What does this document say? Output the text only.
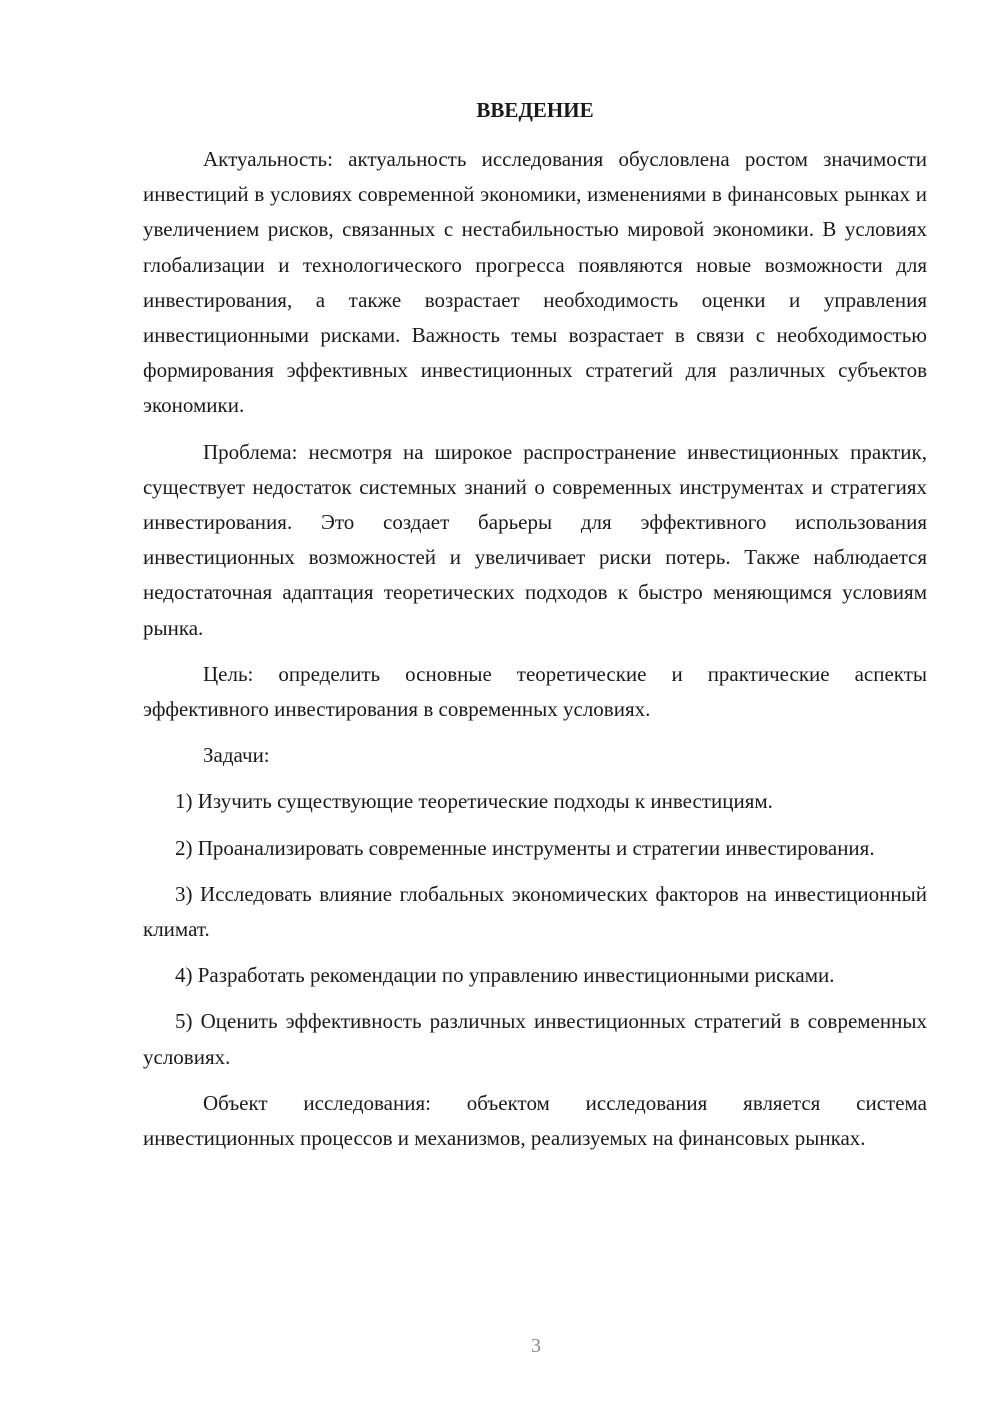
ВВЕДЕНИЕ

Актуальность: актуальность исследования обусловлена ростом значимости инвестиций в условиях современной экономики, изменениями в финансовых рынках и увеличением рисков, связанных с нестабильностью мировой экономики. В условиях глобализации и технологического прогресса появляются новые возможности для инвестирования, а также возрастает необходимость оценки и управления инвестиционными рисками. Важность темы возрастает в связи с необходимостью формирования эффективных инвестиционных стратегий для различных субъектов экономики.

Проблема: несмотря на широкое распространение инвестиционных практик, существует недостаток системных знаний о современных инструментах и стратегиях инвестирования. Это создает барьеры для эффективного использования инвестиционных возможностей и увеличивает риски потерь. Также наблюдается недостаточная адаптация теоретических подходов к быстро меняющимся условиям рынка.

Цель: определить основные теоретические и практические аспекты эффективного инвестирования в современных условиях.

Задачи:

1) Изучить существующие теоретические подходы к инвестициям.

2) Проанализировать современные инструменты и стратегии инвестирования.

3) Исследовать влияние глобальных экономических факторов на инвестиционный климат.

4) Разработать рекомендации по управлению инвестиционными рисками.

5) Оценить эффективность различных инвестиционных стратегий в современных условиях.

Объект исследования: объектом исследования является система инвестиционных процессов и механизмов, реализуемых на финансовых рынках.

3
